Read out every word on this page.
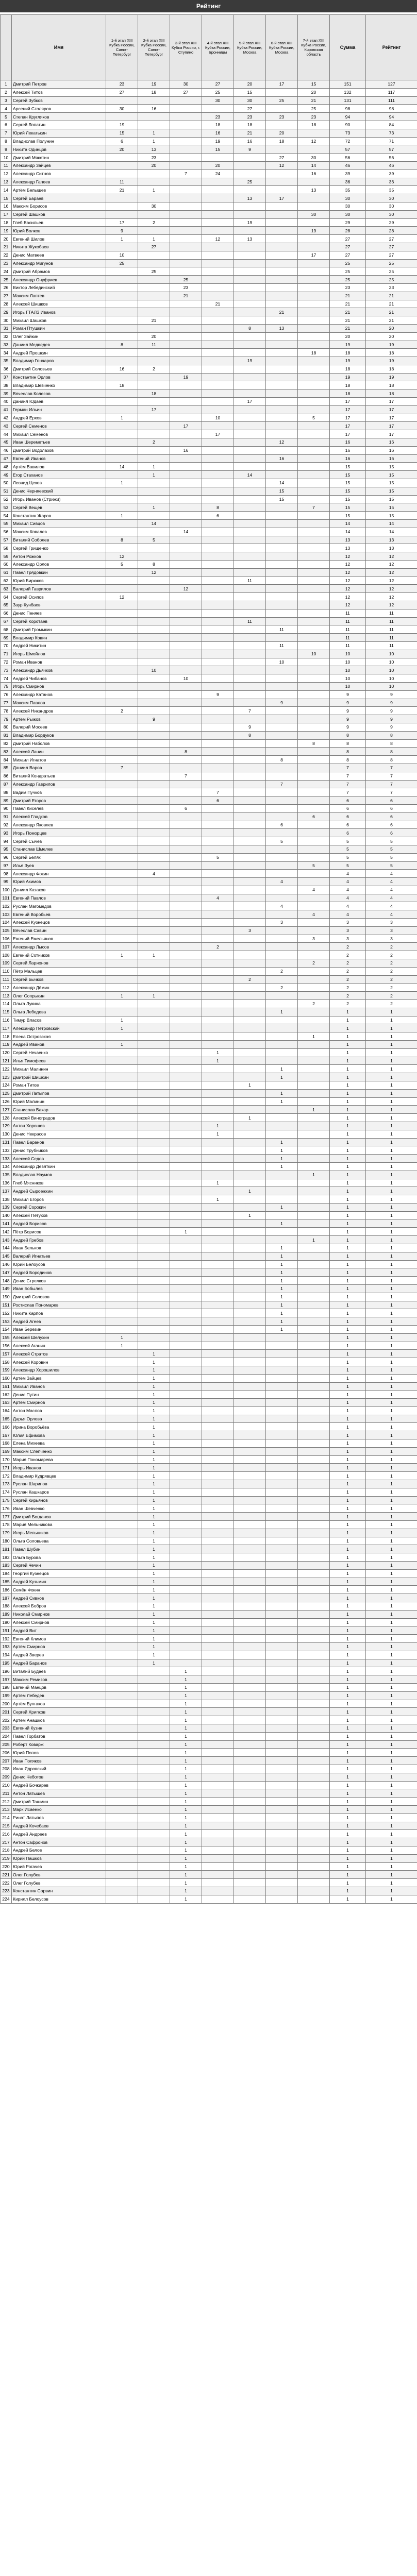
Рейтинг
	Имя	1-й этап XIII Кубка России, Санкт-Петербург	2-й этап XIII Кубка России, Санкт-Петербург	3-й этап XIII Кубка России, г. Ступино	4-й этап XIII Кубка России, Бронницы	5-й этап XIII Кубка России, Москва	6-й этап XIII Кубка России, Москва	7-й этап XIII Кубка России, Кировская область	Сумма	Рейтинг
1	Дмитрий Петров	23	19	30	27	20	17	15	151	127
2	Алексей Титов	27	18	27	25	15		20	132	117
3	Сергей Зубков				30	30	25	21	131	111
4	Арсений Столяров	30	16			27		25	98	98
5	Степан Кругляков				23	23	23	23	94	94
6	Сергей Лопатин	19			18	18		18	90	84
7	Юрий Лекатькин	15	1		16	21	20		73	73
8	Владислав Полунин	6	1		19	16	18	12	72	71
9	Никита Одинцов	20	13		15	9			57	57
10	Дмитрий Мякотин		23				27	30	56	56
11	Александр Зайцев		20		20		12	14	46	46
12	Александр Ситнов			7	24			16	39	39
13	Александр Гапеев	11				25			36	36
14	Артём Белышев	21	1					13	35	35
15	Сергей Бараев					13	17		30	30
16	Максим Борисов		30						30	30
17	Сергей Шашков							30	30	30
18	Глеб Васильев	17	2			19			29	29
19	Юрий Волков	9						19	28	28
20	Евгений Шилов	1	1		12	13			27	27
21	Никита Жукобаев		27						27	27
22	Денис Матвеев	10						17	27	27
23	Александр Мигунов	25							25	25
24	Дмитрий Абрамов		25						25	25
25	Александр Онуфриев			25					25	25
26	Виктор Лебединский			23					23	23
27	Максим Лаптев			21					21	21
28	Алексей Шишков				21				21	21
29	Игорь ГТАЛЗ Иванов						21		21	21
30	Михаил Шашков		21						21	21
31	Роман Птушкин					8	13		21	20
32	Олег Зайкин		20						20	20
33	Даниил Медведев	8	11						19	19
34	Андрей Прошкин							18	18	18
35	Владимир Гончаров					19			19	19
36	Дмитрий Соловьев	16	2						18	18
37	Константин Орлов			19					19	19
38	Владимир Шевченко	18							18	18
39	Вячеслав Колесов		18						18	18
40	Даниил Юдаев					17			17	17
41	Герман Ильин		17						17	17
42	Андрей Ерхов	1			10			5	17	17
43	Сергей Семенов			17					17	17
44	Михаил Семенов				17				17	17
45	Иван Шереметьев		2				12		16	16
46	Дмитрий Водолазов			16					16	16
47	Евгений Иванов						16		16	16
48	Артём Вавилов	14	1						15	15
49	Егор Стаханов		1			14			15	15
50	Леонид Цехов	1					14		15	15
51	Денис Черняевский						15		15	15
52	Игорь Иванов (Стрижи)						15		15	15
53	Сергей Вещев		1		8			7	15	15
54	Константин Жаров	1			6				15	15
55	Михаил Сивцов		14						14	14
56	Максим Ковалев			14					14	14
57	Виталий Соболев	8	5						13	13
58	Сергей Грищенко								13	13
59	Антон Рожков	12							12	12
60	Александр Орлов	5	8						12	12
61	Павел Грядовкин		12						12	12
62	Юрий Бирюков					11			12	12
63	Валерий Гаврилов			12					12	12
64	Сергей Осипов	12							12	12
65	Заур Кунбаев								12	12
66	Денис Пеняев								11	11
67	Сергей Коротаев					11			11	11
68	Дмитрий Громыкин						11		11	11
69	Владимир Ковин								11	11
70	Андрей Никитин						11		11	11
71	Игорь Шмойлов							10	10	10
72	Роман Иванов						10		10	10
73	Александр Дьячков		10						10	10
74	Андрей Чибанов			10					10	10
75	Игорь Смирнов								10	10
76	Александр Катанов				9				9	9
77	Максим Павлов						9		9	9
78	Алексей Никандров	2				7			9	9
79	Артём Рыжов		9						9	9
80	Валерий Мосеев					9			9	9
81	Владимир Бордуков					8			8	8
82	Дмитрий Наболов							8	8	8
83	Алексей Ланин			8					8	8
84	Михаил Игнатов						8		8	8
85	Даниил Варов	7							7	7
86	Виталий Кондратьев			7					7	7
87	Александр Гаврилов						7		7	7
88	Вадим Пучков				7				7	7
89	Дмитрий Егоров				6				6	6
90	Павел Киселев			6					6	6
91	Алексей Гладков							6	6	6
92	Александр Яковлев						6		6	6
93	Игорь Поморцев								6	6
94	Сергей Сычев						5		5	5
95	Станислав Шмелев								5	5
96	Сергей Беляк				5				5	5
97	Илья Зуев							5	5	5
98	Александр Фокин		4						4	4
99	Юрий Акимов						4		4	4
100	Даниил Казаков							4	4	4
101	Евгений Павлов				4				4	4
102	Руслан Магомедов						4		4	4
103	Евгений Воробьев							4	4	4
104	Алексей Кузнецов						3		3	3
105	Вячеслав Савин					3			3	3
106	Евгений Емельянов							3	3	3
107	Александр Лысов				2				2	2
108	Евгений Сотников	1	1						2	2
109	Сергей Ларионов							2	2	2
110	Пётр Мальцев						2		2	2
111	Сергей Бычков					2			2	2
112	Александр Дёмин						2		2	2
113	Олег Сопрыкин	1	1						2	2
114	Ольга Лукина							2	2	2
115	Ольга Лебедева						1		1	1
116	Тимур Власов	1							1	1
117	Александр Петровский	1							1	1
118	Елена Островская							1	1	1
119	Андрей Иванов	1							1	1
120	Сергей Нечаенко				1				1	1
121	Илья Тимофеев				1				1	1
122	Михаил Малинин						1		1	1
123	Дмитрий Шишкин						1		1	1
124	Роман Титов					1			1	1
125	Дмитрий Латыпов						1		1	1
126	Юрий Малинин						1		1	1
127	Станислав Вакар							1	1	1
128	Алексей Виноградов					1			1	1
129	Антон Хорошев				1				1	1
130	Денис Некрасов				1				1	1
131	Павел Баранов						1		1	1
132	Денис Трубников						1		1	1
133	Алексей Седов						1		1	1
134	Александр Девяткин						1		1	1
135	Владислав Наумов							1	1	1
136	Глеб Мясников				1				1	1
137	Андрей Сыроежкин					1			1	1
138	Михаил Егоров				1				1	1
139	Сергей Сорокин						1		1	1
140	Алексей Петухов					1			1	1
141	Андрей Борисов						1		1	1
142	Пётр Борисов			1					1	1
143	Андрей Гребов							1	1	1
144	Иван Бельков						1		1	1
145	Валерий Игнатьев						1		1	1
146	Юрий Белоусов						1		1	1
147	Андрей Бородинов						1		1	1
148	Денис Стрелков						1		1	1
149	Иван Бобылев						1		1	1
150	Дмитрий Соловов						1		1	1
151	Ростислав Пономарев						1		1	1
152	Никита Карпов						1		1	1
153	Андрей Агеев						1		1	1
154	Иван Березин						1		1	1
155	Алексей Шелухин	1							1	1
156	Алексей Аганин	1							1	1
157	Алексей Стратов		1						1	1
158	Алексей Коровин		1						1	1
159	Александр Хорошилов		1						1	1
160	Артём Зайцев		1						1	1
161	Михаил Иванов		1						1	1
162	Денис Путин		1						1	1
163	Артём Смирнов		1						1	1
164	Антон Маслов		1						1	1
165	Дарья Орлова		1						1	1
166	Ирина Воробьёва		1						1	1
167	Юлия Ефимова		1						1	1
168	Елена Михеева		1						1	1
169	Максим Слепченко		1						1	1
170	Мария Пономарева		1						1	1
171	Игорь Иванов		1						1	1
172	Владимир Кудрявцев		1						1	1
173	Руслан Шарипов		1						1	1
174	Руслан Кашкаров		1						1	1
175	Сергей Кирьянов		1						1	1
176	Иван Шевченко		1						1	1
177	Дмитрий Богданов		1						1	1
178	Мария Мельникова		1						1	1
179	Игорь Мельников		1						1	1
180	Ольга Соловьева		1						1	1
181	Павел Шубин		1						1	1
182	Ольга Бурова		1						1	1
183	Сергей Чечин		1						1	1
184	Георгий Кузнецов		1						1	1
185	Андрей Кузьмин		1						1	1
186	Семён Фокин		1						1	1
187	Андрей Сивков		1						1	1
188	Алексей Бобров		1						1	1
189	Николай Смирнов		1						1	1
190	Алексей Смирнов		1						1	1
191	Андрей Вит		1						1	1
192	Евгений Климов		1						1	1
193	Артём Смирнов		1						1	1
194	Андрей Зверев		1						1	1
195	Андрей Баранов		1						1	1
196	Виталий Будаев			1					1	1
197	Максим Ремизов			1					1	1
198	Евгений Манцов			1					1	1
199	Артём Лебедев			1					1	1
200	Артём Булгаков			1					1	1
201	Сергей Хрипков			1					1	1
202	Артём Анашков			1					1	1
203	Евгений Кузин			1					1	1
204	Павел Горбатов			1					1	1
205	Роберт Коварж			1					1	1
206	Юрий Попов			1					1	1
207	Иван Поляков			1					1	1
208	Иван Ядровский			1					1	1
209	Денис Чеботов			1					1	1
210	Андрей Бочкарев			1					1	1
211	Антон Латышев			1					1	1
212	Дмитрий Ташмин			1					1	1
213	Марк Исаенко			1					1	1
214	Ринат Латыпов			1					1	1
215	Андрей Кочебаев			1					1	1
216	Андрей Андреев			1					1	1
217	Антон Сафронов			1					1	1
218	Андрей Белов			1					1	1
219	Юрий Пашков			1					1	1
220	Юрий Рогачев			1					1	1
221	Олег Голубев			1					1	1
222	Олег Голубев			1					1	1
223	Константин Сарвин			1					1	1
224	Кирилл Белоусов			1					1	1
